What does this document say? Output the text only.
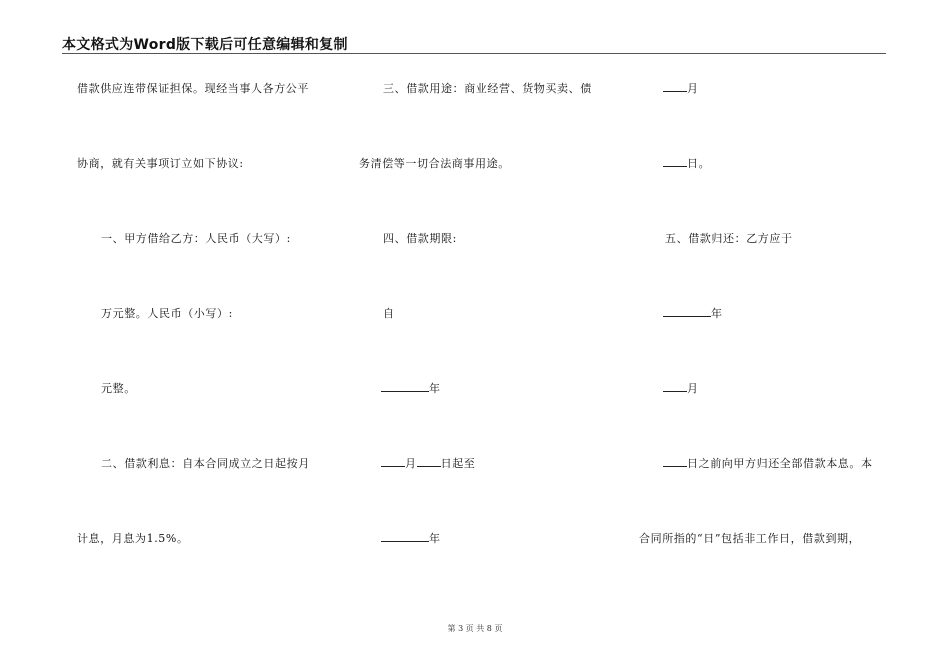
本文格式为Word版下载后可任意编辑和复制
借款供应连带保证担保。现经当事人各方公平
协商，就有关事项订立如下协议:
一、甲方借给乙方：人民币（大写）:
万元整。人民币（小写）:
元整。
二、借款利息：自本合同成立之日起按月
计息，月息为1.5%。
三、借款用途：商业经营、货物买卖、债
务清偿等一切合法商事用途。
四、借款期限:
自
年
月 日起至
年
月
日。
五、借款归还：乙方应于
年
月
日之前向甲方归还全部借款本息。本
合同所指的“日”包括非工作日，借款到期，
第 3 页 共 8 页
